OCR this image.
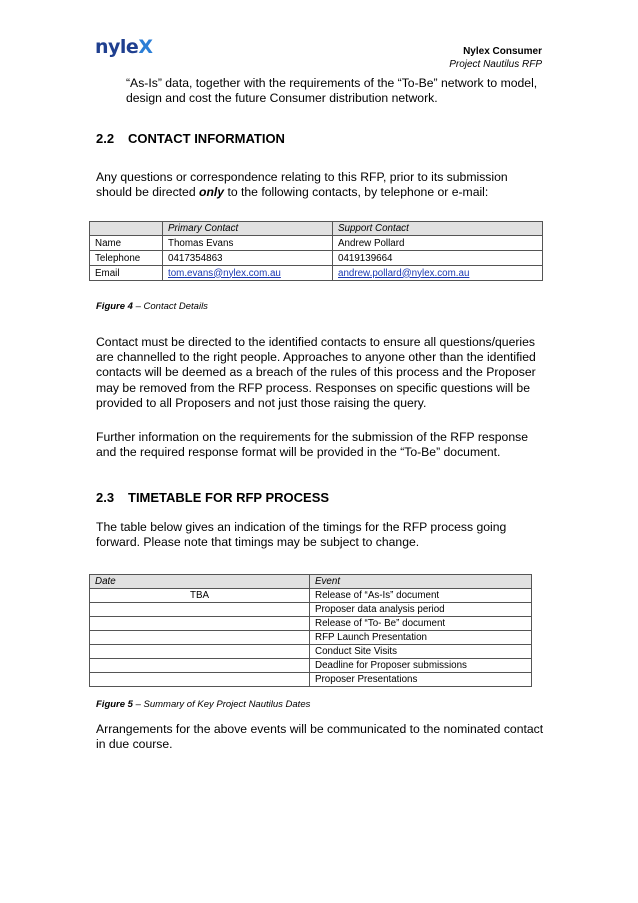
nyleX	Nylex Consumer
Project Nautilus RFP
“As-Is” data, together with the requirements of the “To-Be” network to model, design and cost the future Consumer distribution network.
2.2 CONTACT INFORMATION
Any questions or correspondence relating to this RFP, prior to its submission should be directed only to the following contacts, by telephone or e-mail:
	Primary Contact	Support Contact
Name	Thomas Evans	Andrew Pollard
Telephone	0417354863	0419139664
Email	tom.evans@nylex.com.au	andrew.pollard@nylex.com.au
Figure 4 – Contact Details
Contact must be directed to the identified contacts to ensure all questions/queries are channelled to the right people. Approaches to anyone other than the identified contacts will be deemed as a breach of the rules of this process and the Proposer may be removed from the RFP process. Responses on specific questions will be provided to all Proposers and not just those raising the query.
Further information on the requirements for the submission of the RFP response and the required response format will be provided in the “To-Be” document.
2.3 TIMETABLE FOR RFP PROCESS
The table below gives an indication of the timings for the RFP process going forward. Please note that timings may be subject to change.
Date	Event
TBA	Release of “As-Is” document
	Proposer data analysis period
	Release of “To- Be” document
	RFP Launch Presentation
	Conduct Site Visits
	Deadline for Proposer submissions
	Proposer Presentations
Figure 5 – Summary of Key Project Nautilus Dates
Arrangements for the above events will be communicated to the nominated contact in due course.
